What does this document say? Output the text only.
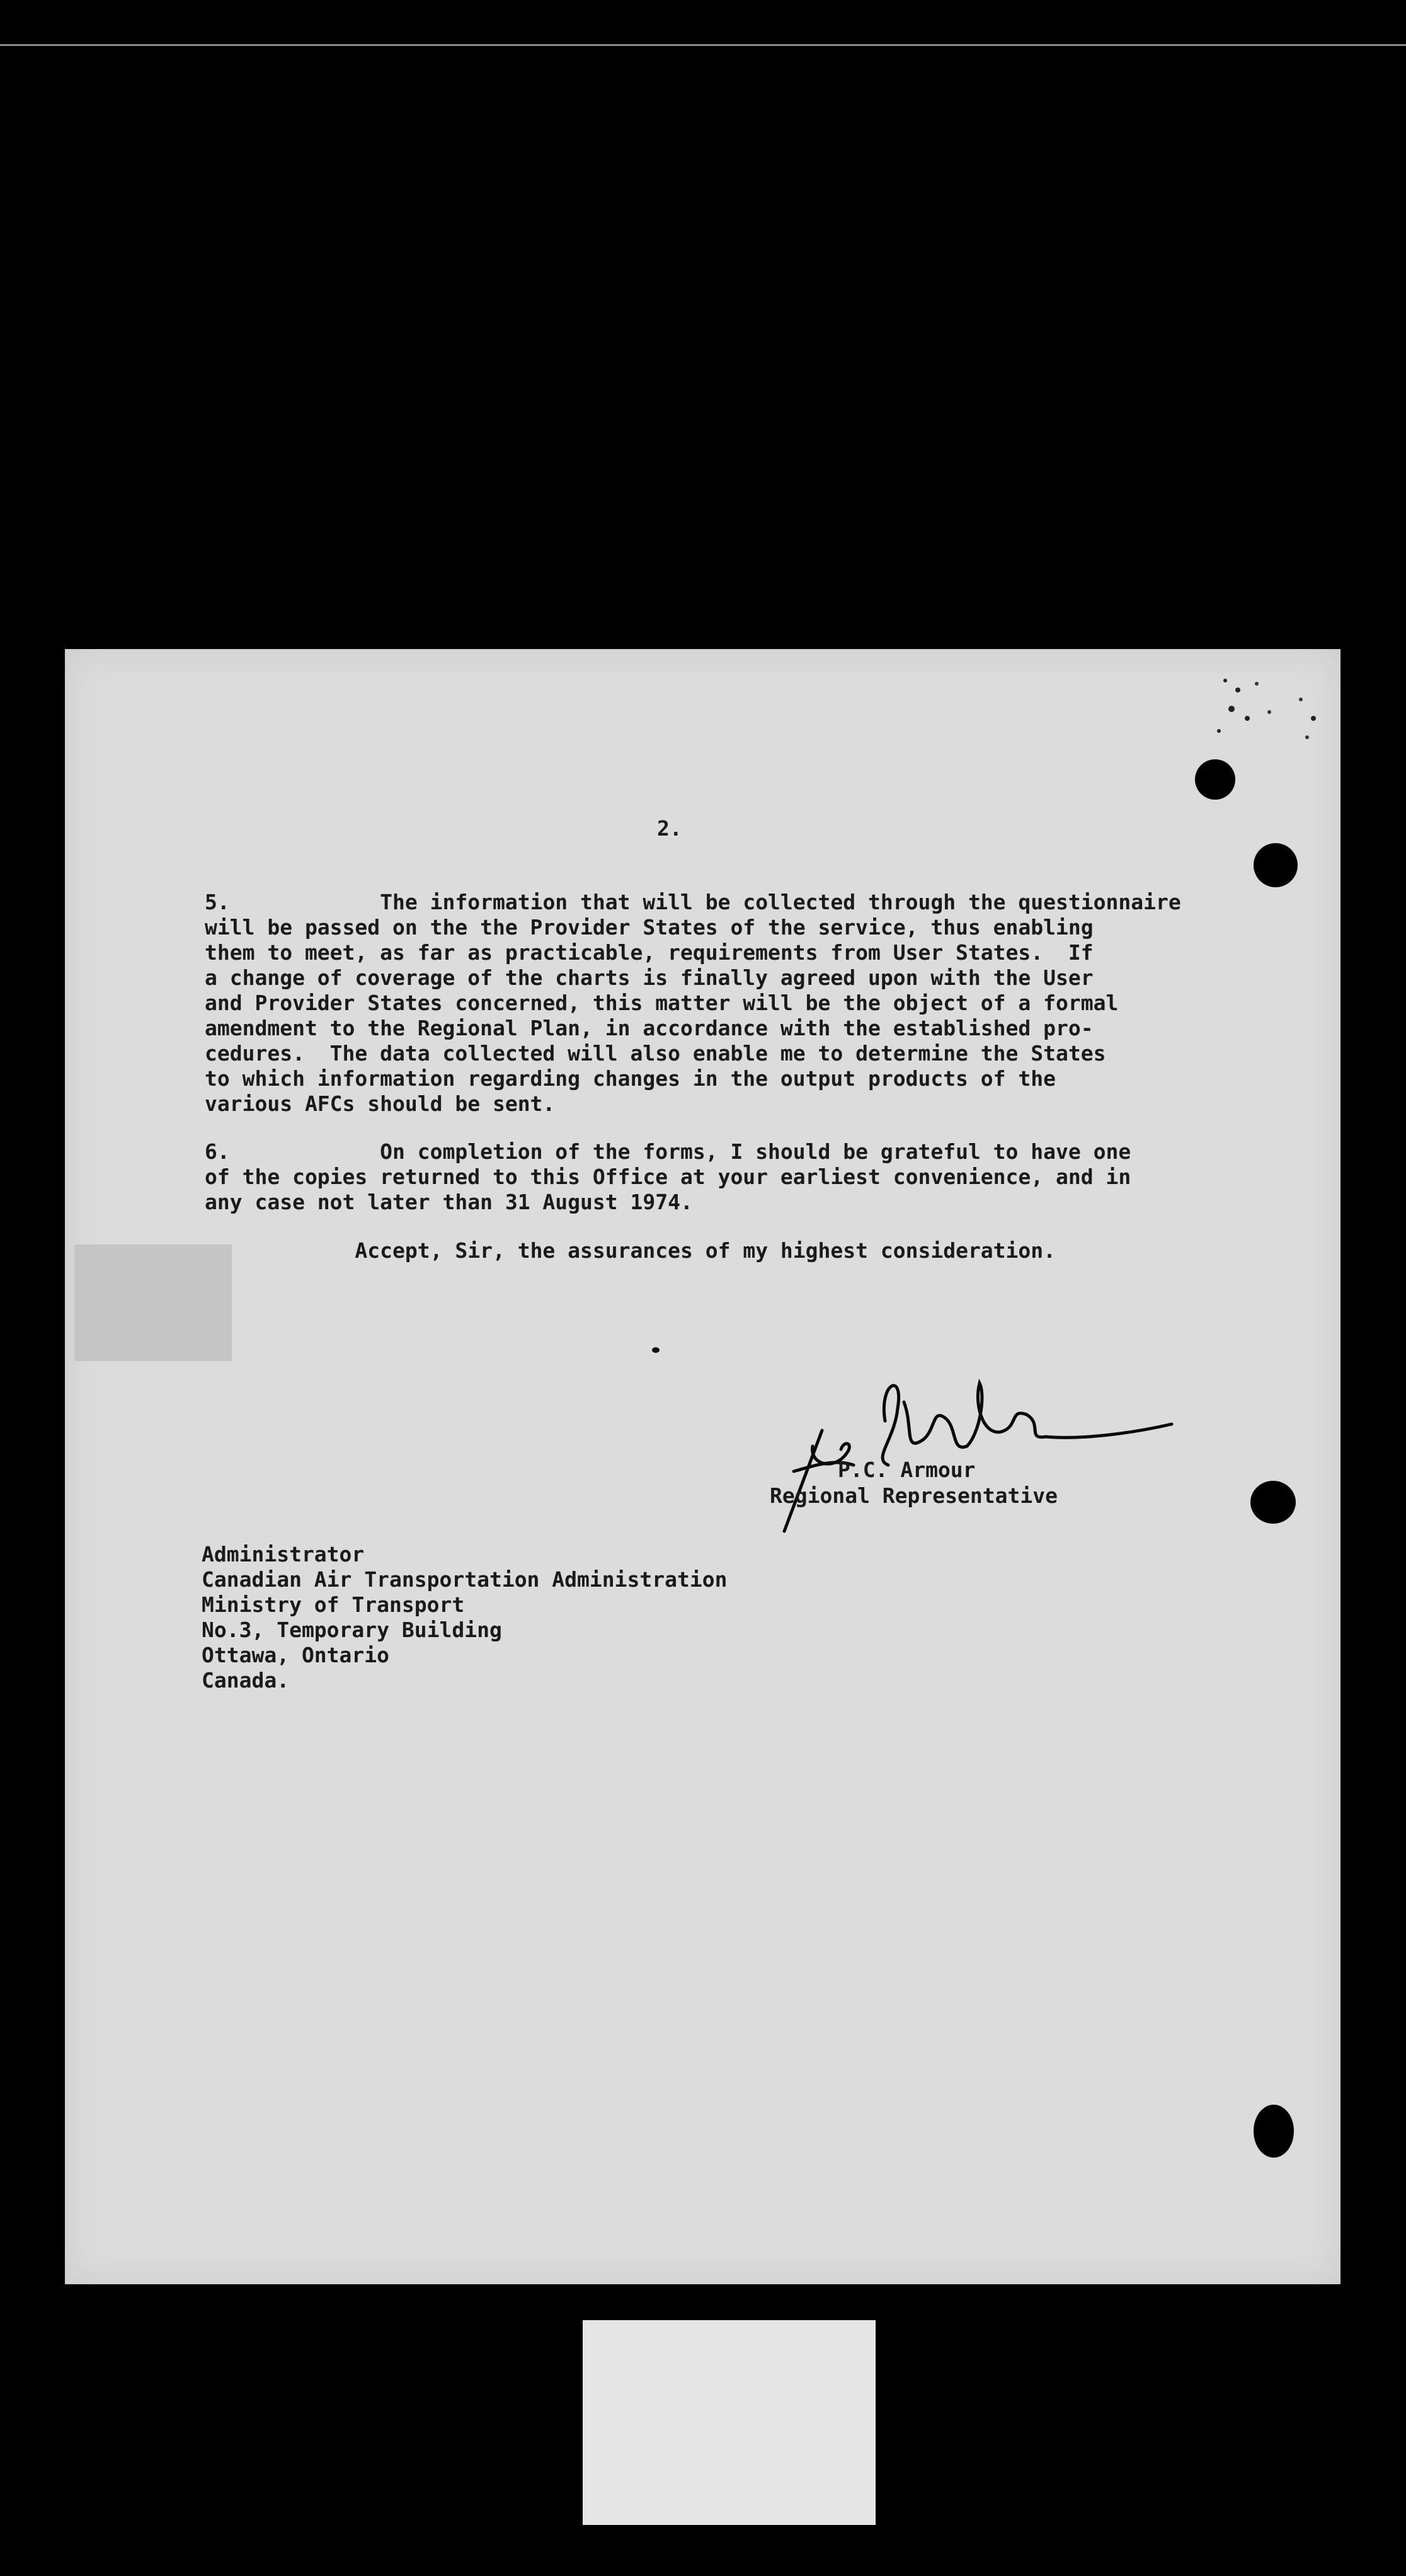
2.
5.            The information that will be collected through the questionnaire
will be passed on the the Provider States of the service, thus enabling
them to meet, as far as practicable, requirements from User States.  If
a change of coverage of the charts is finally agreed upon with the User
and Provider States concerned, this matter will be the object of a formal
amendment to the Regional Plan, in accordance with the established pro-
cedures.  The data collected will also enable me to determine the States
to which information regarding changes in the output products of the
various AFCs should be sent.
6.            On completion of the forms, I should be grateful to have one
of the copies returned to this Office at your earliest convenience, and in
any case not later than 31 August 1974.
Accept, Sir, the assurances of my highest consideration.
P.C. Armour
Regional Representative
Administrator
Canadian Air Transportation Administration
Ministry of Transport
No.3, Temporary Building
Ottawa, Ontario
Canada.
